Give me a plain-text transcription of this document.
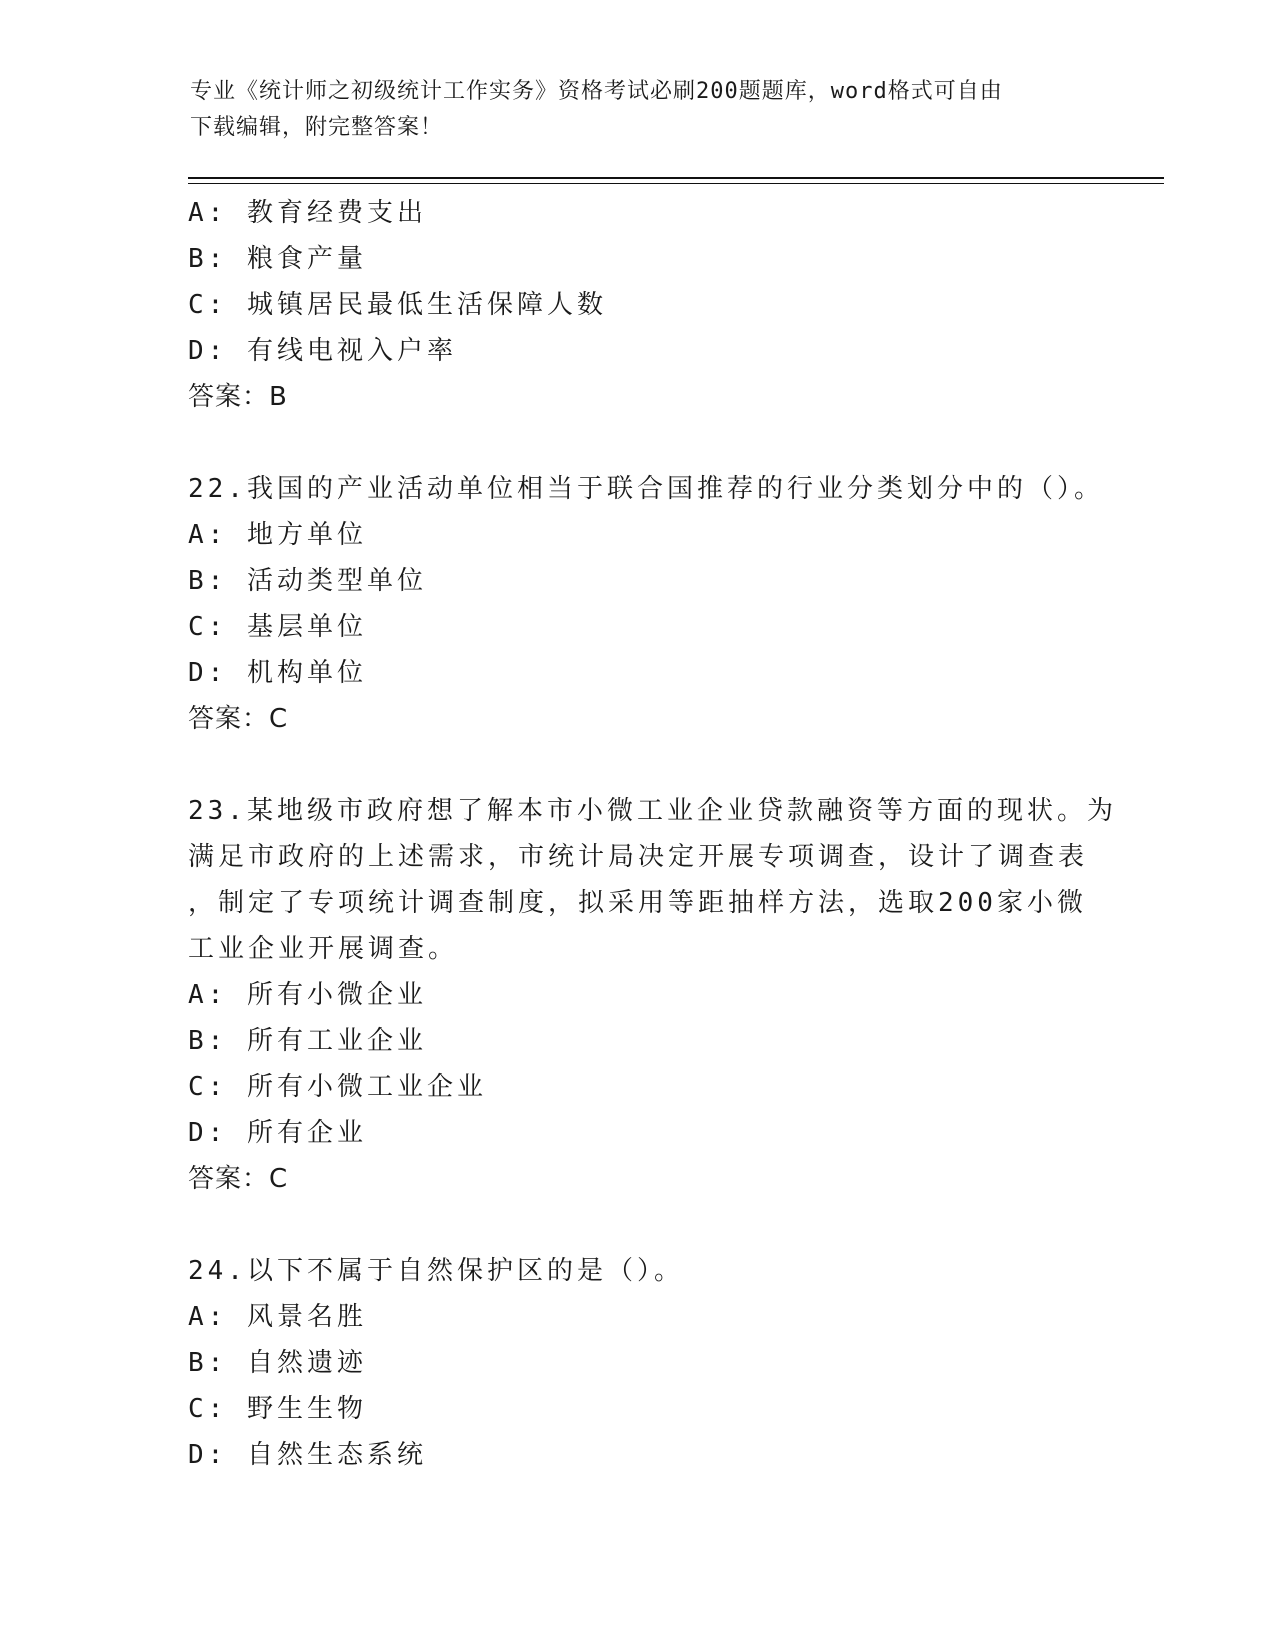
专业《统计师之初级统计工作实务》资格考试必刷200题题库，word格式可自由
下载编辑，附完整答案！
A: 教育经费支出
B: 粮食产量
C: 城镇居民最低生活保障人数
D: 有线电视入户率
答案：B
22.我国的产业活动单位相当于联合国推荐的行业分类划分中的（）。
A: 地方单位
B: 活动类型单位
C: 基层单位
D: 机构单位
答案：C
23.某地级市政府想了解本市小微工业企业贷款融资等方面的现状。为
满足市政府的上述需求，市统计局决定开展专项调查，设计了调查表
，制定了专项统计调查制度，拟采用等距抽样方法，选取200家小微
工业企业开展调查。
A: 所有小微企业
B: 所有工业企业
C: 所有小微工业企业
D: 所有企业
答案：C
24.以下不属于自然保护区的是（）。
A: 风景名胜
B: 自然遗迹
C: 野生生物
D: 自然生态系统
